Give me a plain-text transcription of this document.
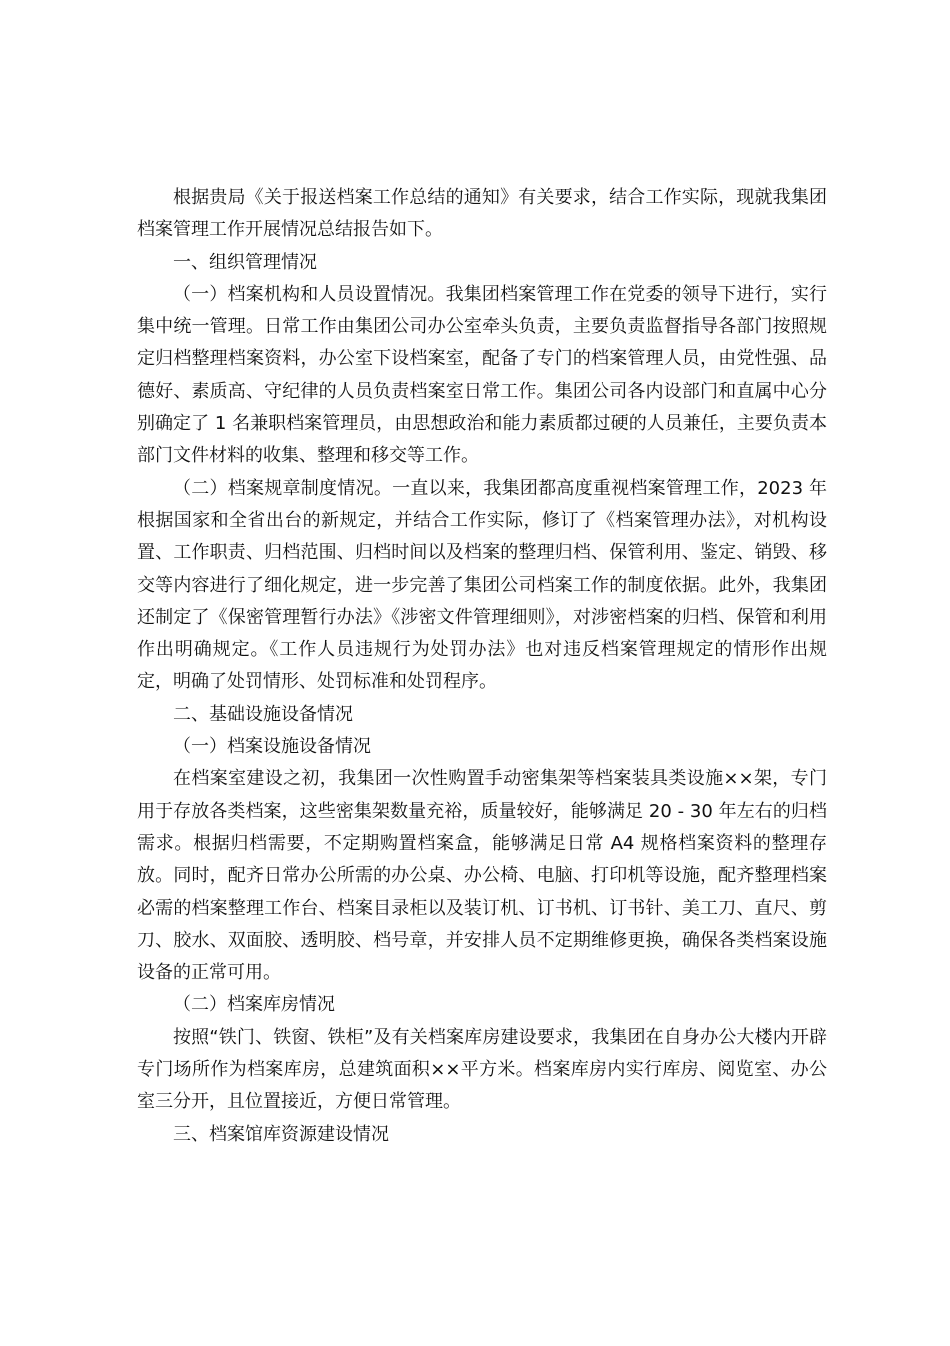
根据贵局《关于报送档案工作总结的通知》有关要求，结合工作实际，现就我集团档案管理工作开展情况总结报告如下。

一、组织管理情况

（一）档案机构和人员设置情况。我集团档案管理工作在党委的领导下进行，实行集中统一管理。日常工作由集团公司办公室牵头负责，主要负责监督指导各部门按照规定归档整理档案资料，办公室下设档案室，配备了专门的档案管理人员，由党性强、品德好、素质高、守纪律的人员负责档案室日常工作。集团公司各内设部门和直属中心分别确定了 1 名兼职档案管理员，由思想政治和能力素质都过硬的人员兼任，主要负责本部门文件材料的收集、整理和移交等工作。

（二）档案规章制度情况。一直以来，我集团都高度重视档案管理工作，2023 年根据国家和全省出台的新规定，并结合工作实际，修订了《档案管理办法》，对机构设置、工作职责、归档范围、归档时间以及档案的整理归档、保管利用、鉴定、销毁、移交等内容进行了细化规定，进一步完善了集团公司档案工作的制度依据。此外，我集团还制定了《保密管理暂行办法》《涉密文件管理细则》，对涉密档案的归档、保管和利用作出明确规定。《工作人员违规行为处罚办法》也对违反档案管理规定的情形作出规定，明确了处罚情形、处罚标准和处罚程序。

二、基础设施设备情况

（一）档案设施设备情况

在档案室建设之初，我集团一次性购置手动密集架等档案装具类设施××架，专门用于存放各类档案，这些密集架数量充裕，质量较好，能够满足 20 - 30 年左右的归档需求。根据归档需要，不定期购置档案盒，能够满足日常 A4 规格档案资料的整理存放。同时，配齐日常办公所需的办公桌、办公椅、电脑、打印机等设施，配齐整理档案必需的档案整理工作台、档案目录柜以及装订机、订书机、订书针、美工刀、直尺、剪刀、胶水、双面胶、透明胶、档号章，并安排人员不定期维修更换，确保各类档案设施设备的正常可用。

（二）档案库房情况

按照“铁门、铁窗、铁柜”及有关档案库房建设要求，我集团在自身办公大楼内开辟专门场所作为档案库房，总建筑面积××平方米。档案库房内实行库房、阅览室、办公室三分开，且位置接近，方便日常管理。

三、档案馆库资源建设情况
